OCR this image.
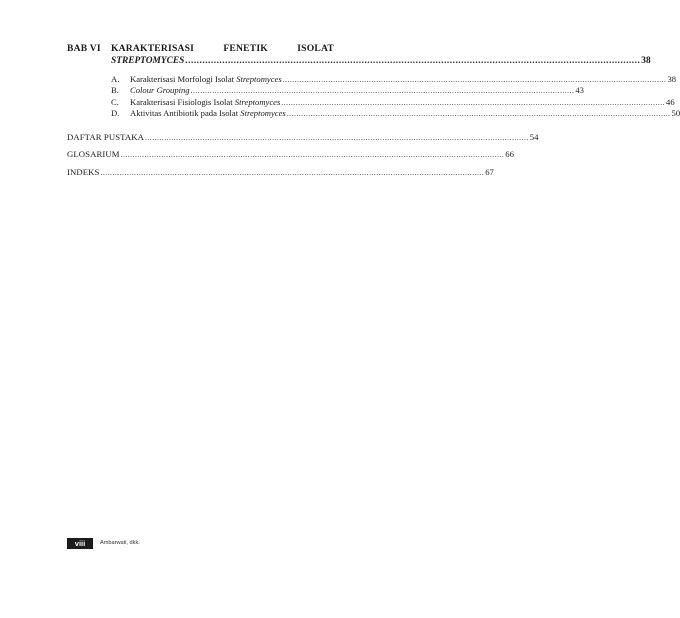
BAB VI KARAKTERISASI	FENETIK	ISOLAT
STREPTOMYCES ................................................................................................................................................................ 38
A.	Karakterisasi Morfologi Isolat Streptomyces ................................................................................................................................................................ 38
B.	Colour Grouping ................................................................................................................................................................ 43
C.	Karakterisasi Fisiologis Isolat Streptomyces ................................................................................................................................................................ 46
D.	Aktivitas Antibiotik pada Isolat Streptomyces ................................................................................................................................................................ 50
DAFTAR PUSTAKA ................................................................................................................................................................ 54
GLOSARIUM ................................................................................................................................................................ 66
INDEKS ................................................................................................................................................................ 67
viii	Ambarwati, dkk.
